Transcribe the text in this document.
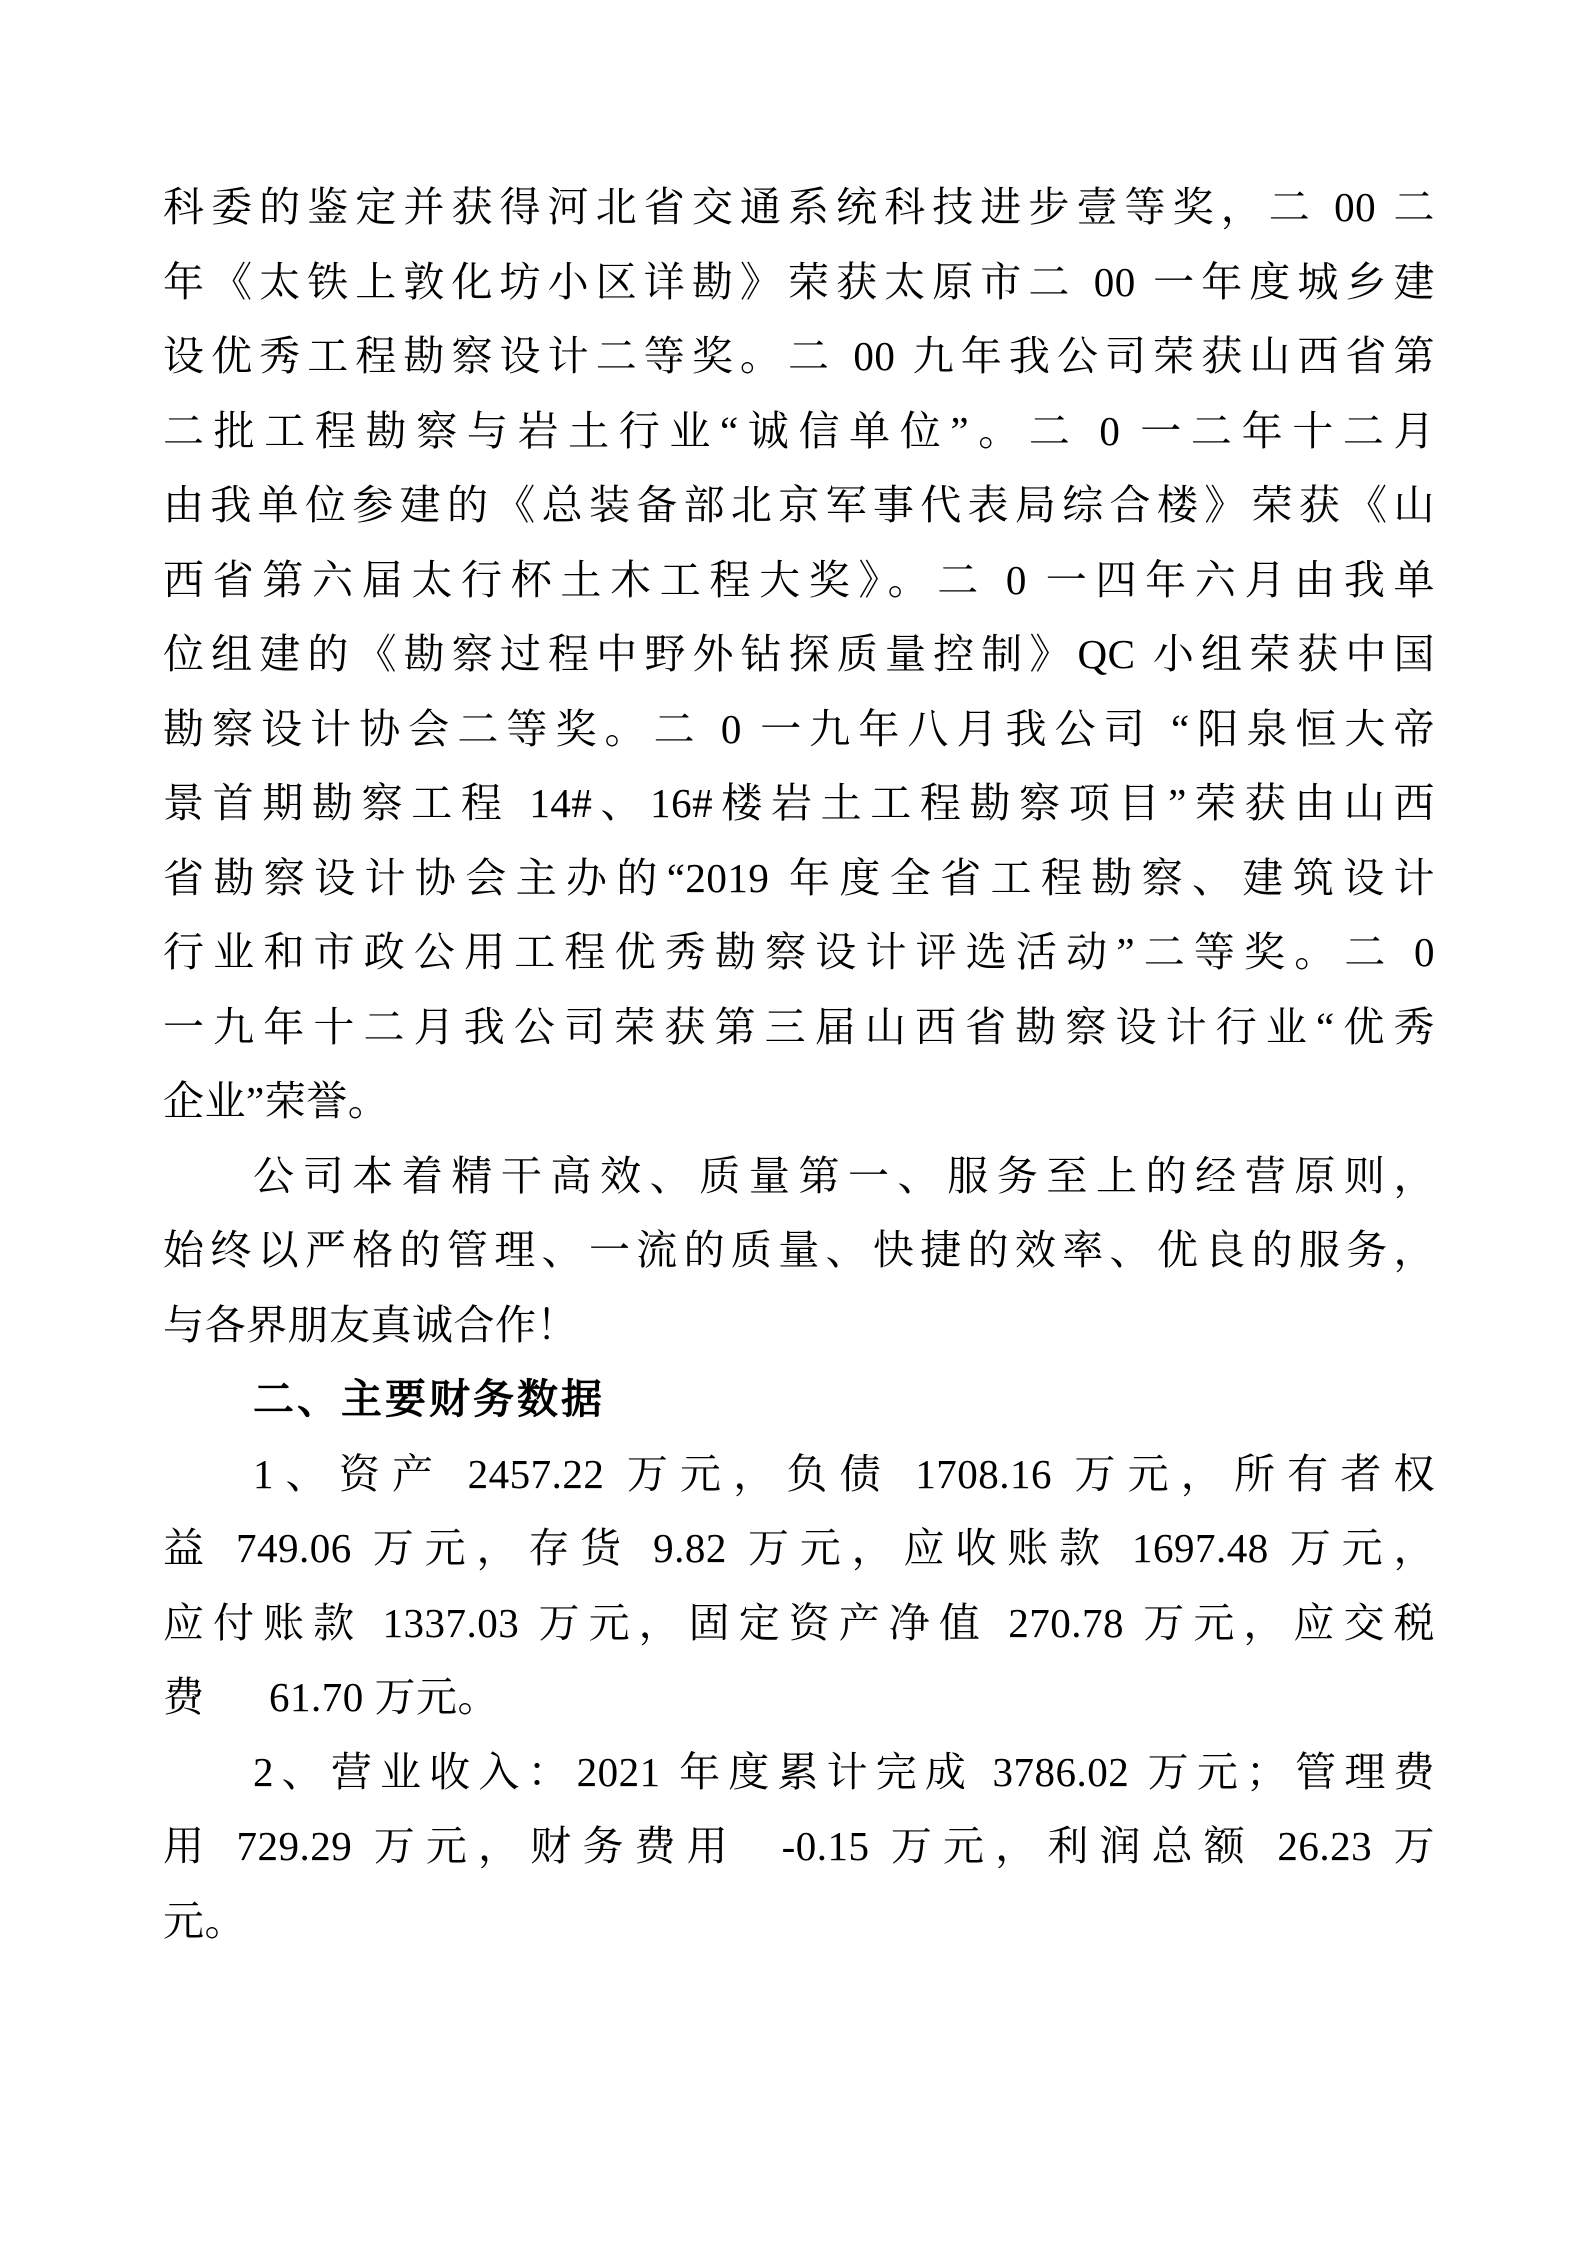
科委的鉴定并获得河北省交通系统科技进步壹等奖，二 00 二
年《太铁上敦化坊小区详勘》荣获太原市二 00 一年度城乡建
设优秀工程勘察设计二等奖。二 00 九年我公司荣获山西省第
二批工程勘察与岩土行业“诚信单位”。二 0 一二年十二月
由我单位参建的《总装备部北京军事代表局综合楼》荣获《山
西省第六届太行杯土木工程大奖》。二 0 一四年六月由我单
位组建的《勘察过程中野外钻探质量控制》QC 小组荣获中国
勘察设计协会二等奖。二 0 一九年八月我公司 “阳泉恒大帝
景首期勘察工程 14#、16#楼岩土工程勘察项目”荣获由山西
省勘察设计协会主办的“2019 年度全省工程勘察、建筑设计
行业和市政公用工程优秀勘察设计评选活动”二等奖。二 0
一九年十二月我公司荣获第三届山西省勘察设计行业“优秀
企业”荣誉。
公司本着精干高效、质量第一、服务至上的经营原则，
始终以严格的管理、一流的质量、快捷的效率、优良的服务，
与各界朋友真诚合作！
二、主要财务数据
1、资产 2457.22 万元，负债 1708.16 万元，所有者权
益 749.06 万元，存货 9.82 万元，应收账款 1697.48 万元，
应付账款 1337.03 万元，固定资产净值 270.78 万元，应交税
费      61.70 万元。
2、营业收入：2021 年度累计完成 3786.02 万元；管理费
用 729.29 万元，财务费用  -0.15 万元，利润总额 26.23 万
元。
